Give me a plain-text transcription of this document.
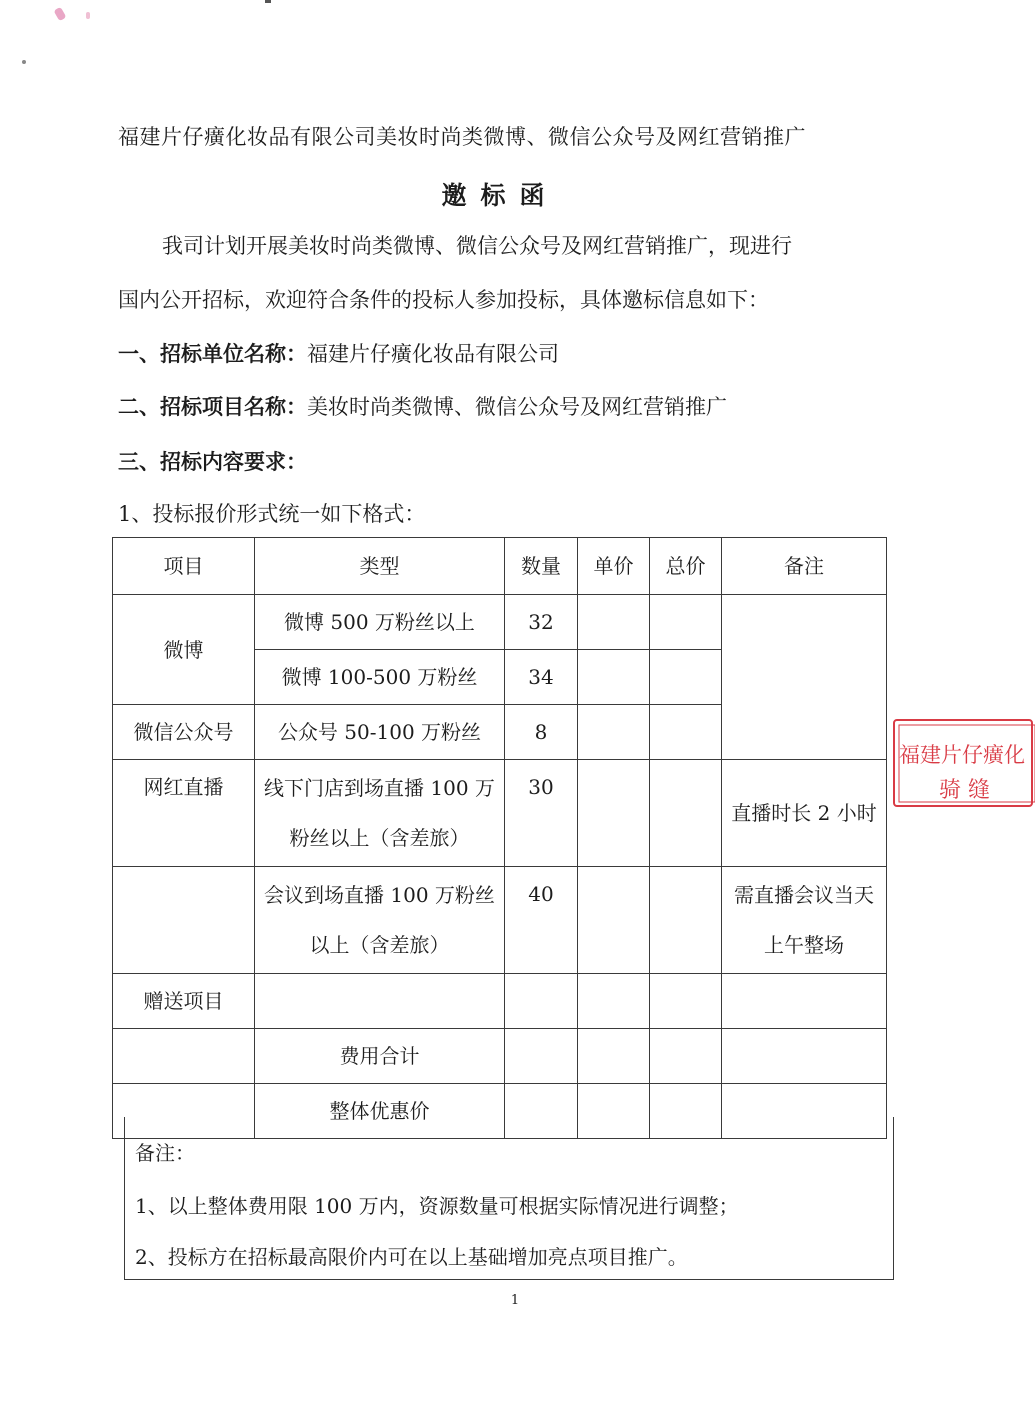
福建片仔癀化妆品有限公司美妆时尚类微博、微信公众号及网红营销推广
邀标函
我司计划开展美妆时尚类微博、微信公众号及网红营销推广，现进行
国内公开招标，欢迎符合条件的投标人参加投标，具体邀标信息如下：
一、招标单位名称：福建片仔癀化妆品有限公司
二、招标项目名称：美妆时尚类微博、微信公众号及网红营销推广
三、招标内容要求：
1、投标报价形式统一如下格式：
项目	类型	数量	单价	总价	备注
微博	微博 500 万粉丝以上	32			
	微博 100-500 万粉丝	34			
微信公众号	公众号 50-100 万粉丝	8			
网红直播	线下门店到场直播 100 万粉丝以上（含差旅）	30			直播时长 2 小时
	会议到场直播 100 万粉丝以上（含差旅）	40			需直播会议当天上午整场
赠送项目					
	费用合计				
	整体优惠价				
备注：
1、以上整体费用限 100 万内，资源数量可根据实际情况进行调整；
2、投标方在招标最高限价内可在以上基础增加亮点项目推广。
1
福建片仔癀化
骑 缝
